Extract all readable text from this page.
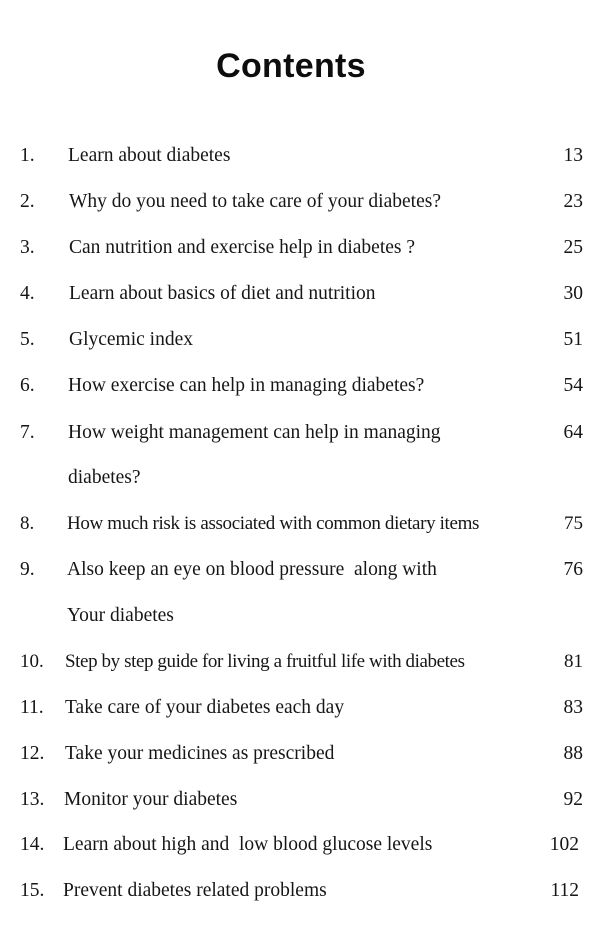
Contents
1. Learn about diabetes	13
2. Why do you need to take care of your diabetes?	23
3. Can nutrition and exercise help in diabetes ?	25
4. Learn about basics of diet and nutrition	30
5. Glycemic index	51
6. How exercise can help in managing diabetes?	54
7. How weight management can help in managing	64
diabetes?
8. How much risk is associated with common dietary items	75
9. Also keep an eye on blood pressure  along with	76
Your diabetes
10. Step by step guide for living a fruitful life with diabetes	81
11. Take care of your diabetes each day	83
12. Take your medicines as prescribed	88
13. Monitor your diabetes	92
14. Learn about high and  low blood glucose levels	102
15. Prevent diabetes related problems	112
